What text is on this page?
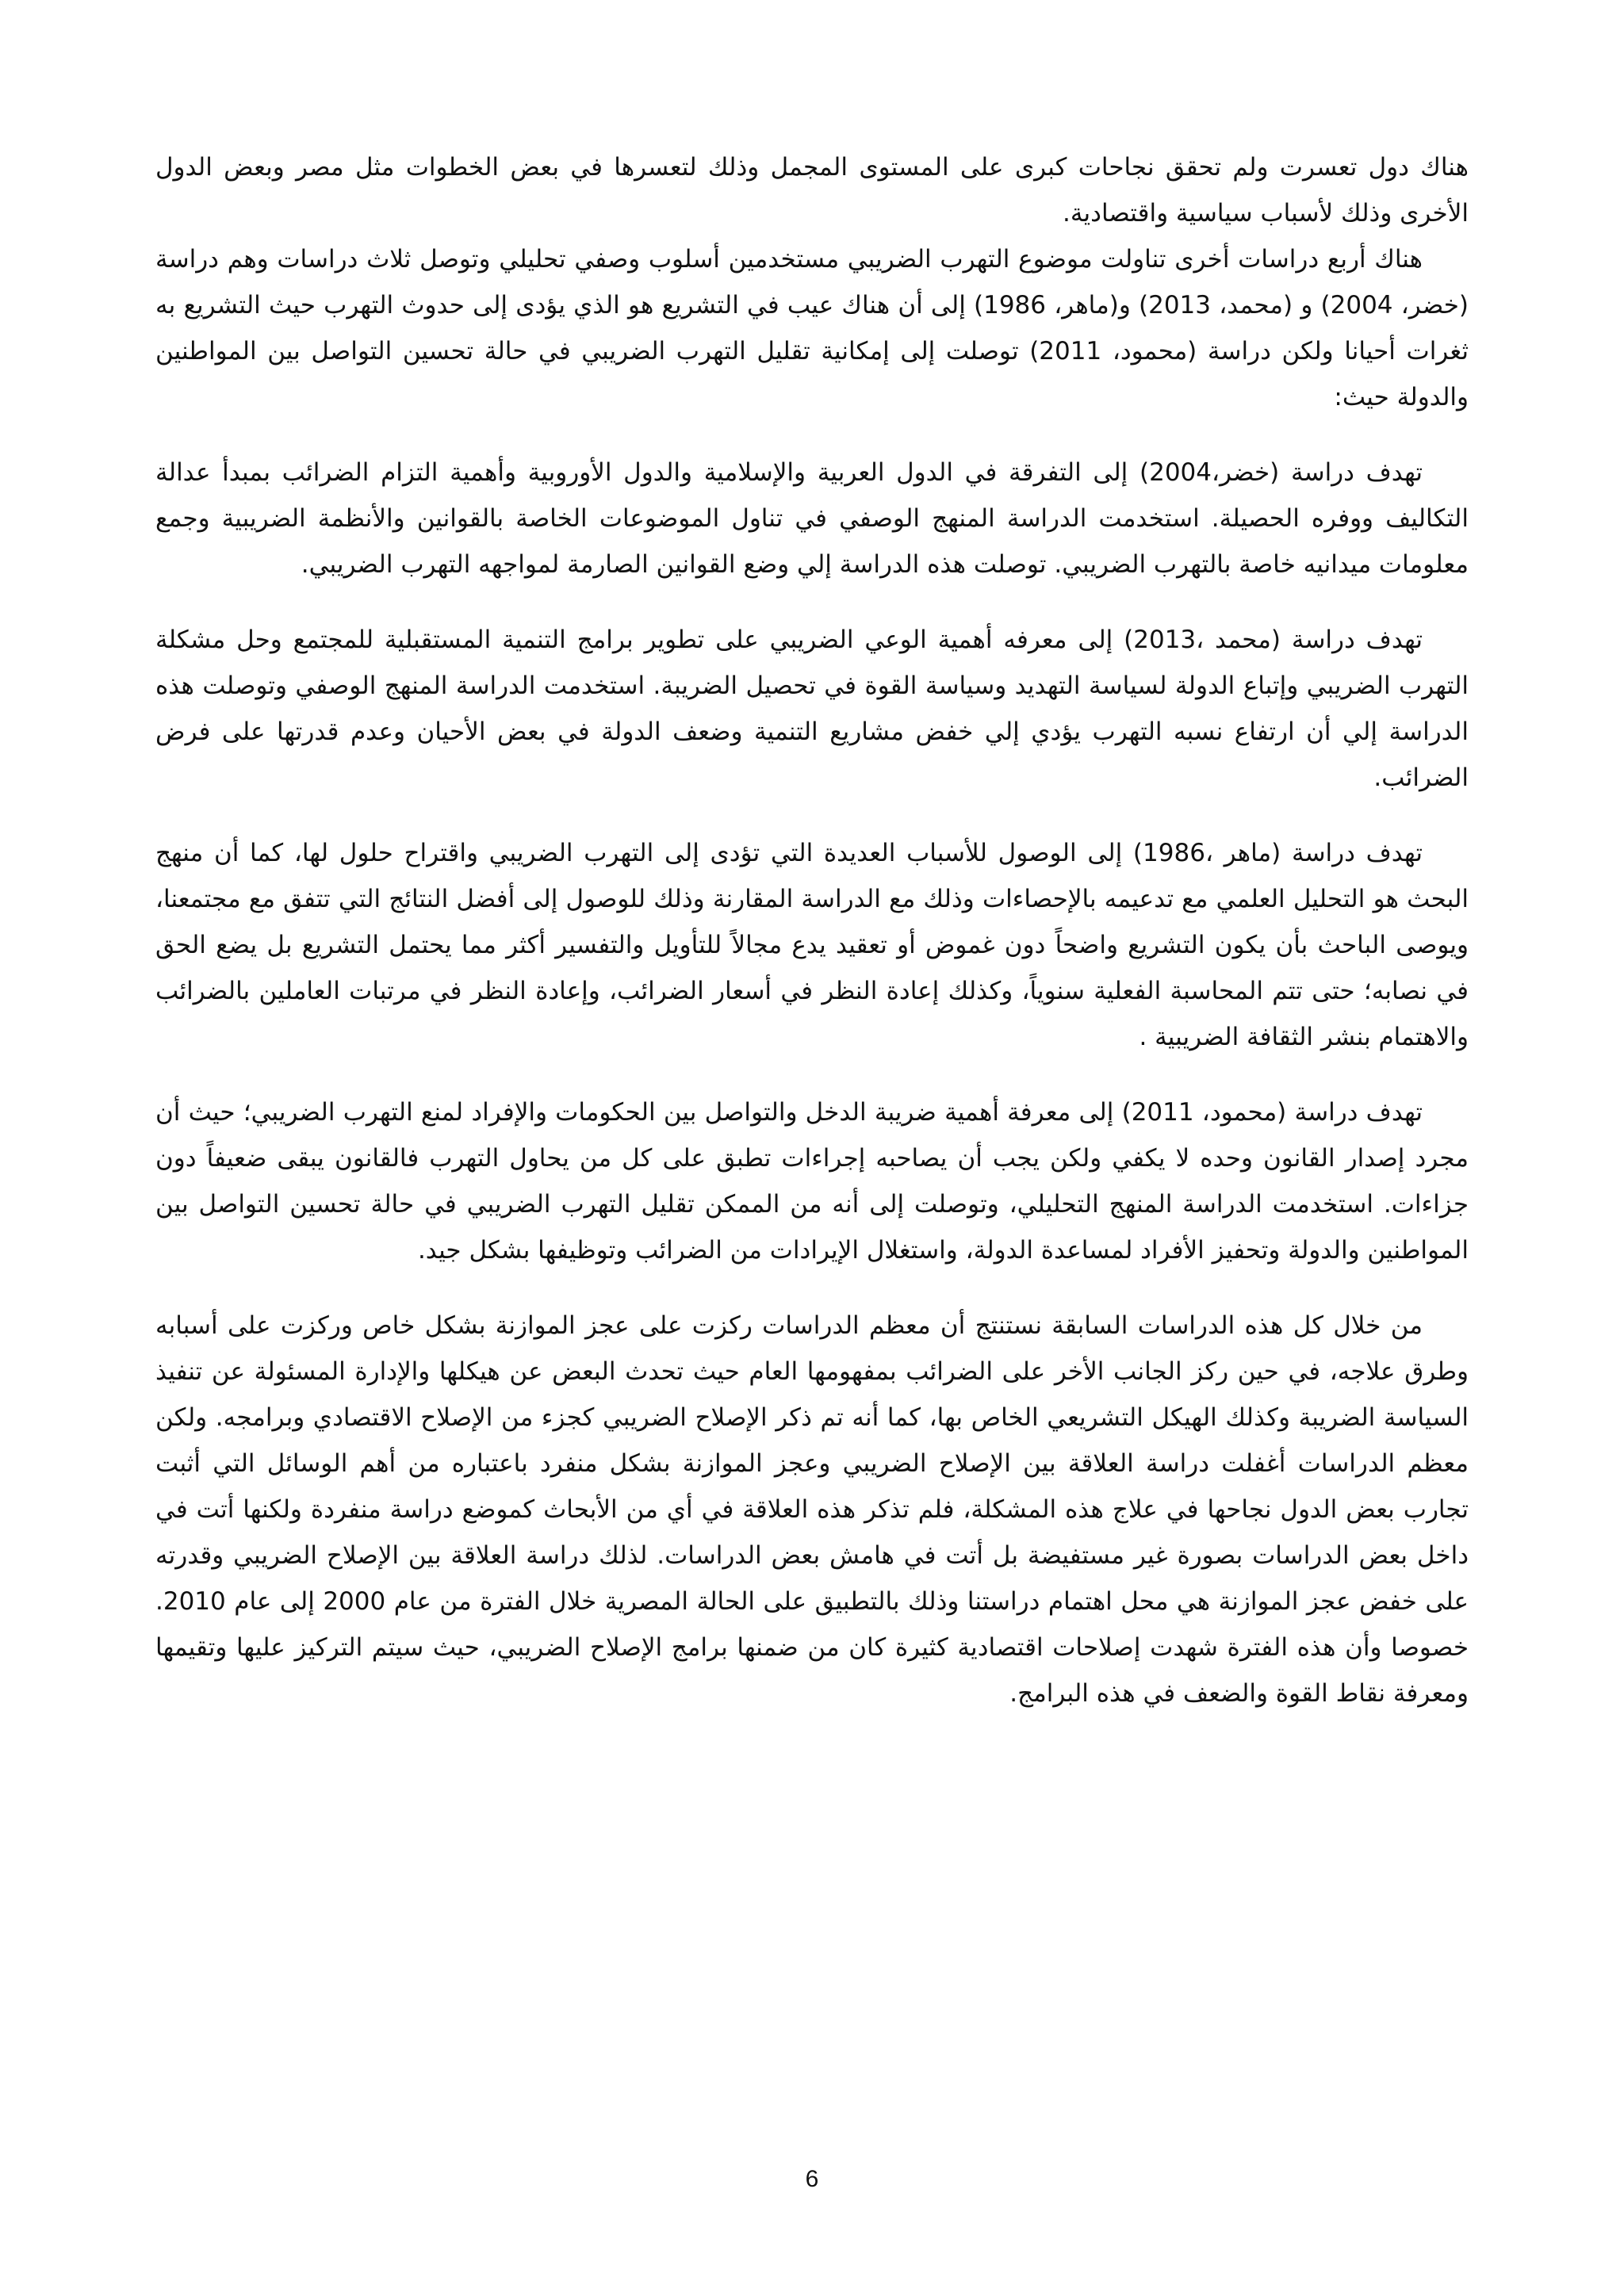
هناك دول تعسرت ولم تحقق نجاحات كبرى على المستوى المجمل وذلك لتعسرها في بعض الخطوات مثل مصر وبعض الدول الأخرى وذلك لأسباب سياسية واقتصادية.

هناك أربع دراسات أخرى تناولت موضوع التهرب الضريبي مستخدمين أسلوب وصفي تحليلي وتوصل ثلاث دراسات وهم دراسة (خضر، 2004) و (محمد، 2013) و(ماهر، 1986) إلى أن هناك عيب في التشريع هو الذي يؤدى إلى حدوث التهرب حيث التشريع به ثغرات أحيانا ولكن دراسة (محمود، 2011) توصلت إلى إمكانية تقليل التهرب الضريبي في حالة تحسين التواصل بين المواطنين والدولة حيث:

تهدف دراسة (خضر،2004) إلى التفرقة في الدول العربية والإسلامية والدول الأوروبية وأهمية التزام الضرائب بمبدأ عدالة التكاليف ووفره الحصيلة. استخدمت الدراسة المنهج الوصفي في تناول الموضوعات الخاصة بالقوانين والأنظمة الضريبية وجمع معلومات ميدانيه خاصة بالتهرب الضريبي. توصلت هذه الدراسة إلي وضع القوانين الصارمة لمواجهه التهرب الضريبي.

تهدف دراسة (محمد ،2013) إلى معرفه أهمية الوعي الضريبي على تطوير برامج التنمية المستقبلية للمجتمع وحل مشكلة التهرب الضريبي وإتباع الدولة لسياسة التهديد وسياسة القوة في تحصيل الضريبة. استخدمت الدراسة المنهج الوصفي وتوصلت هذه الدراسة إلي أن ارتفاع نسبه التهرب يؤدي إلي خفض مشاريع التنمية وضعف الدولة في بعض الأحيان وعدم قدرتها على فرض الضرائب.

تهدف دراسة (ماهر ،1986) إلى الوصول للأسباب العديدة التي تؤدى إلى التهرب الضريبي واقتراح حلول لها، كما أن منهج البحث هو التحليل العلمي مع تدعيمه بالإحصاءات وذلك مع الدراسة المقارنة وذلك للوصول إلى أفضل النتائج التي تتفق مع مجتمعنا، ويوصى الباحث بأن يكون التشريع واضحاً دون غموض أو تعقيد يدع مجالاً للتأويل والتفسير أكثر مما يحتمل التشريع بل يضع الحق في نصابه؛ حتى تتم المحاسبة الفعلية سنوياً، وكذلك إعادة النظر في أسعار الضرائب، وإعادة النظر في مرتبات العاملين بالضرائب والاهتمام بنشر الثقافة الضريبية .

تهدف دراسة (محمود، 2011) إلى معرفة أهمية ضريبة الدخل والتواصل بين الحكومات والإفراد لمنع التهرب الضريبي؛ حيث أن مجرد إصدار القانون وحده لا يكفي ولكن يجب أن يصاحبه إجراءات تطبق على كل من يحاول التهرب فالقانون يبقى ضعيفاً دون جزاءات. استخدمت الدراسة المنهج التحليلي، وتوصلت إلى أنه من الممكن تقليل التهرب الضريبي في حالة تحسين التواصل بين المواطنين والدولة وتحفيز الأفراد لمساعدة الدولة، واستغلال الإيرادات من الضرائب وتوظيفها بشكل جيد.

من خلال كل هذه الدراسات السابقة نستنتج أن معظم الدراسات ركزت على عجز الموازنة بشكل خاص وركزت على أسبابه وطرق علاجه، في حين ركز الجانب الأخر على الضرائب بمفهومها العام حيث تحدث البعض عن هيكلها والإدارة المسئولة عن تنفيذ السياسة الضريبة وكذلك الهيكل التشريعي الخاص بها، كما أنه تم ذكر الإصلاح الضريبي كجزء من الإصلاح الاقتصادي وبرامجه. ولكن معظم الدراسات أغفلت دراسة العلاقة بين الإصلاح الضريبي وعجز الموازنة بشكل منفرد باعتباره من أهم الوسائل التي أثبت تجارب بعض الدول نجاحها في علاج هذه المشكلة، فلم تذكر هذه العلاقة في أي من الأبحاث كموضع دراسة منفردة ولكنها أتت في داخل بعض الدراسات بصورة غير مستفيضة بل أتت في هامش بعض الدراسات. لذلك دراسة العلاقة بين الإصلاح الضريبي وقدرته على خفض عجز الموازنة هي محل اهتمام دراستنا وذلك بالتطبيق على الحالة المصرية خلال الفترة من عام 2000 إلى عام 2010. خصوصا وأن هذه الفترة شهدت إصلاحات اقتصادية كثيرة كان من ضمنها برامج الإصلاح الضريبي، حيث سيتم التركيز عليها وتقيمها ومعرفة نقاط القوة والضعف في هذه البرامج.

6
